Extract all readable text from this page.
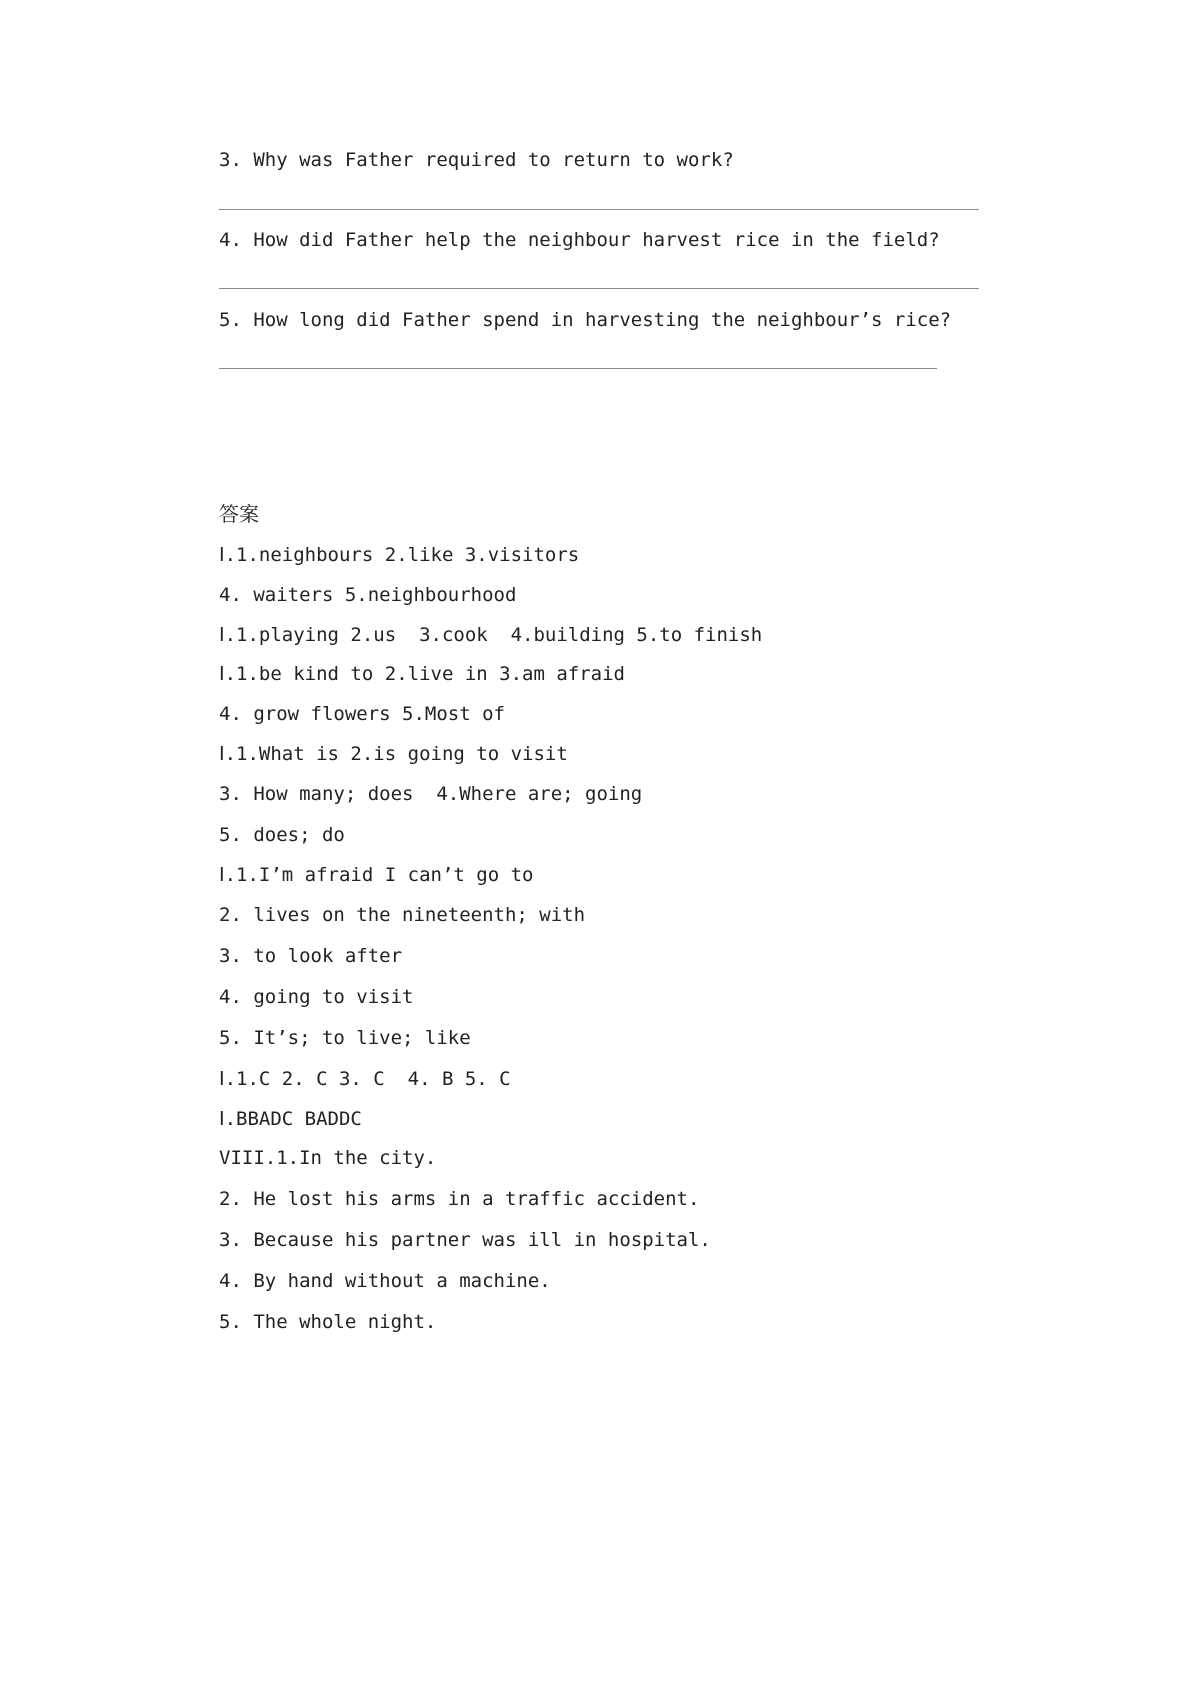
3. Why was Father required to return to work?
4. How did Father help the neighbour harvest rice in the field?
5. How long did Father spend in harvesting the neighbour’s rice?
答案
Ⅰ.1.neighbours 2.like 3.visitors
4. waiters 5.neighbourhood
Ⅰ.1.playing 2.us  3.cook  4.building 5.to finish
Ⅰ.1.be kind to 2.live in 3.am afraid
4. grow flowers 5.Most of
Ⅰ.1.What is 2.is going to visit
3. How many; does  4.Where are; going
5. does; do
Ⅰ.1.I’m afraid I can’t go to
2. lives on the nineteenth; with
3. to look after
4. going to visit
5. It’s; to live; like
Ⅰ.1.C 2. C 3. C  4. B 5. C
Ⅰ.BBADC BADDC
VIII.1.In the city.
2. He lost his arms in a traffic accident.
3. Because his partner was ill in hospital.
4. By hand without a machine.
5. The whole night.
